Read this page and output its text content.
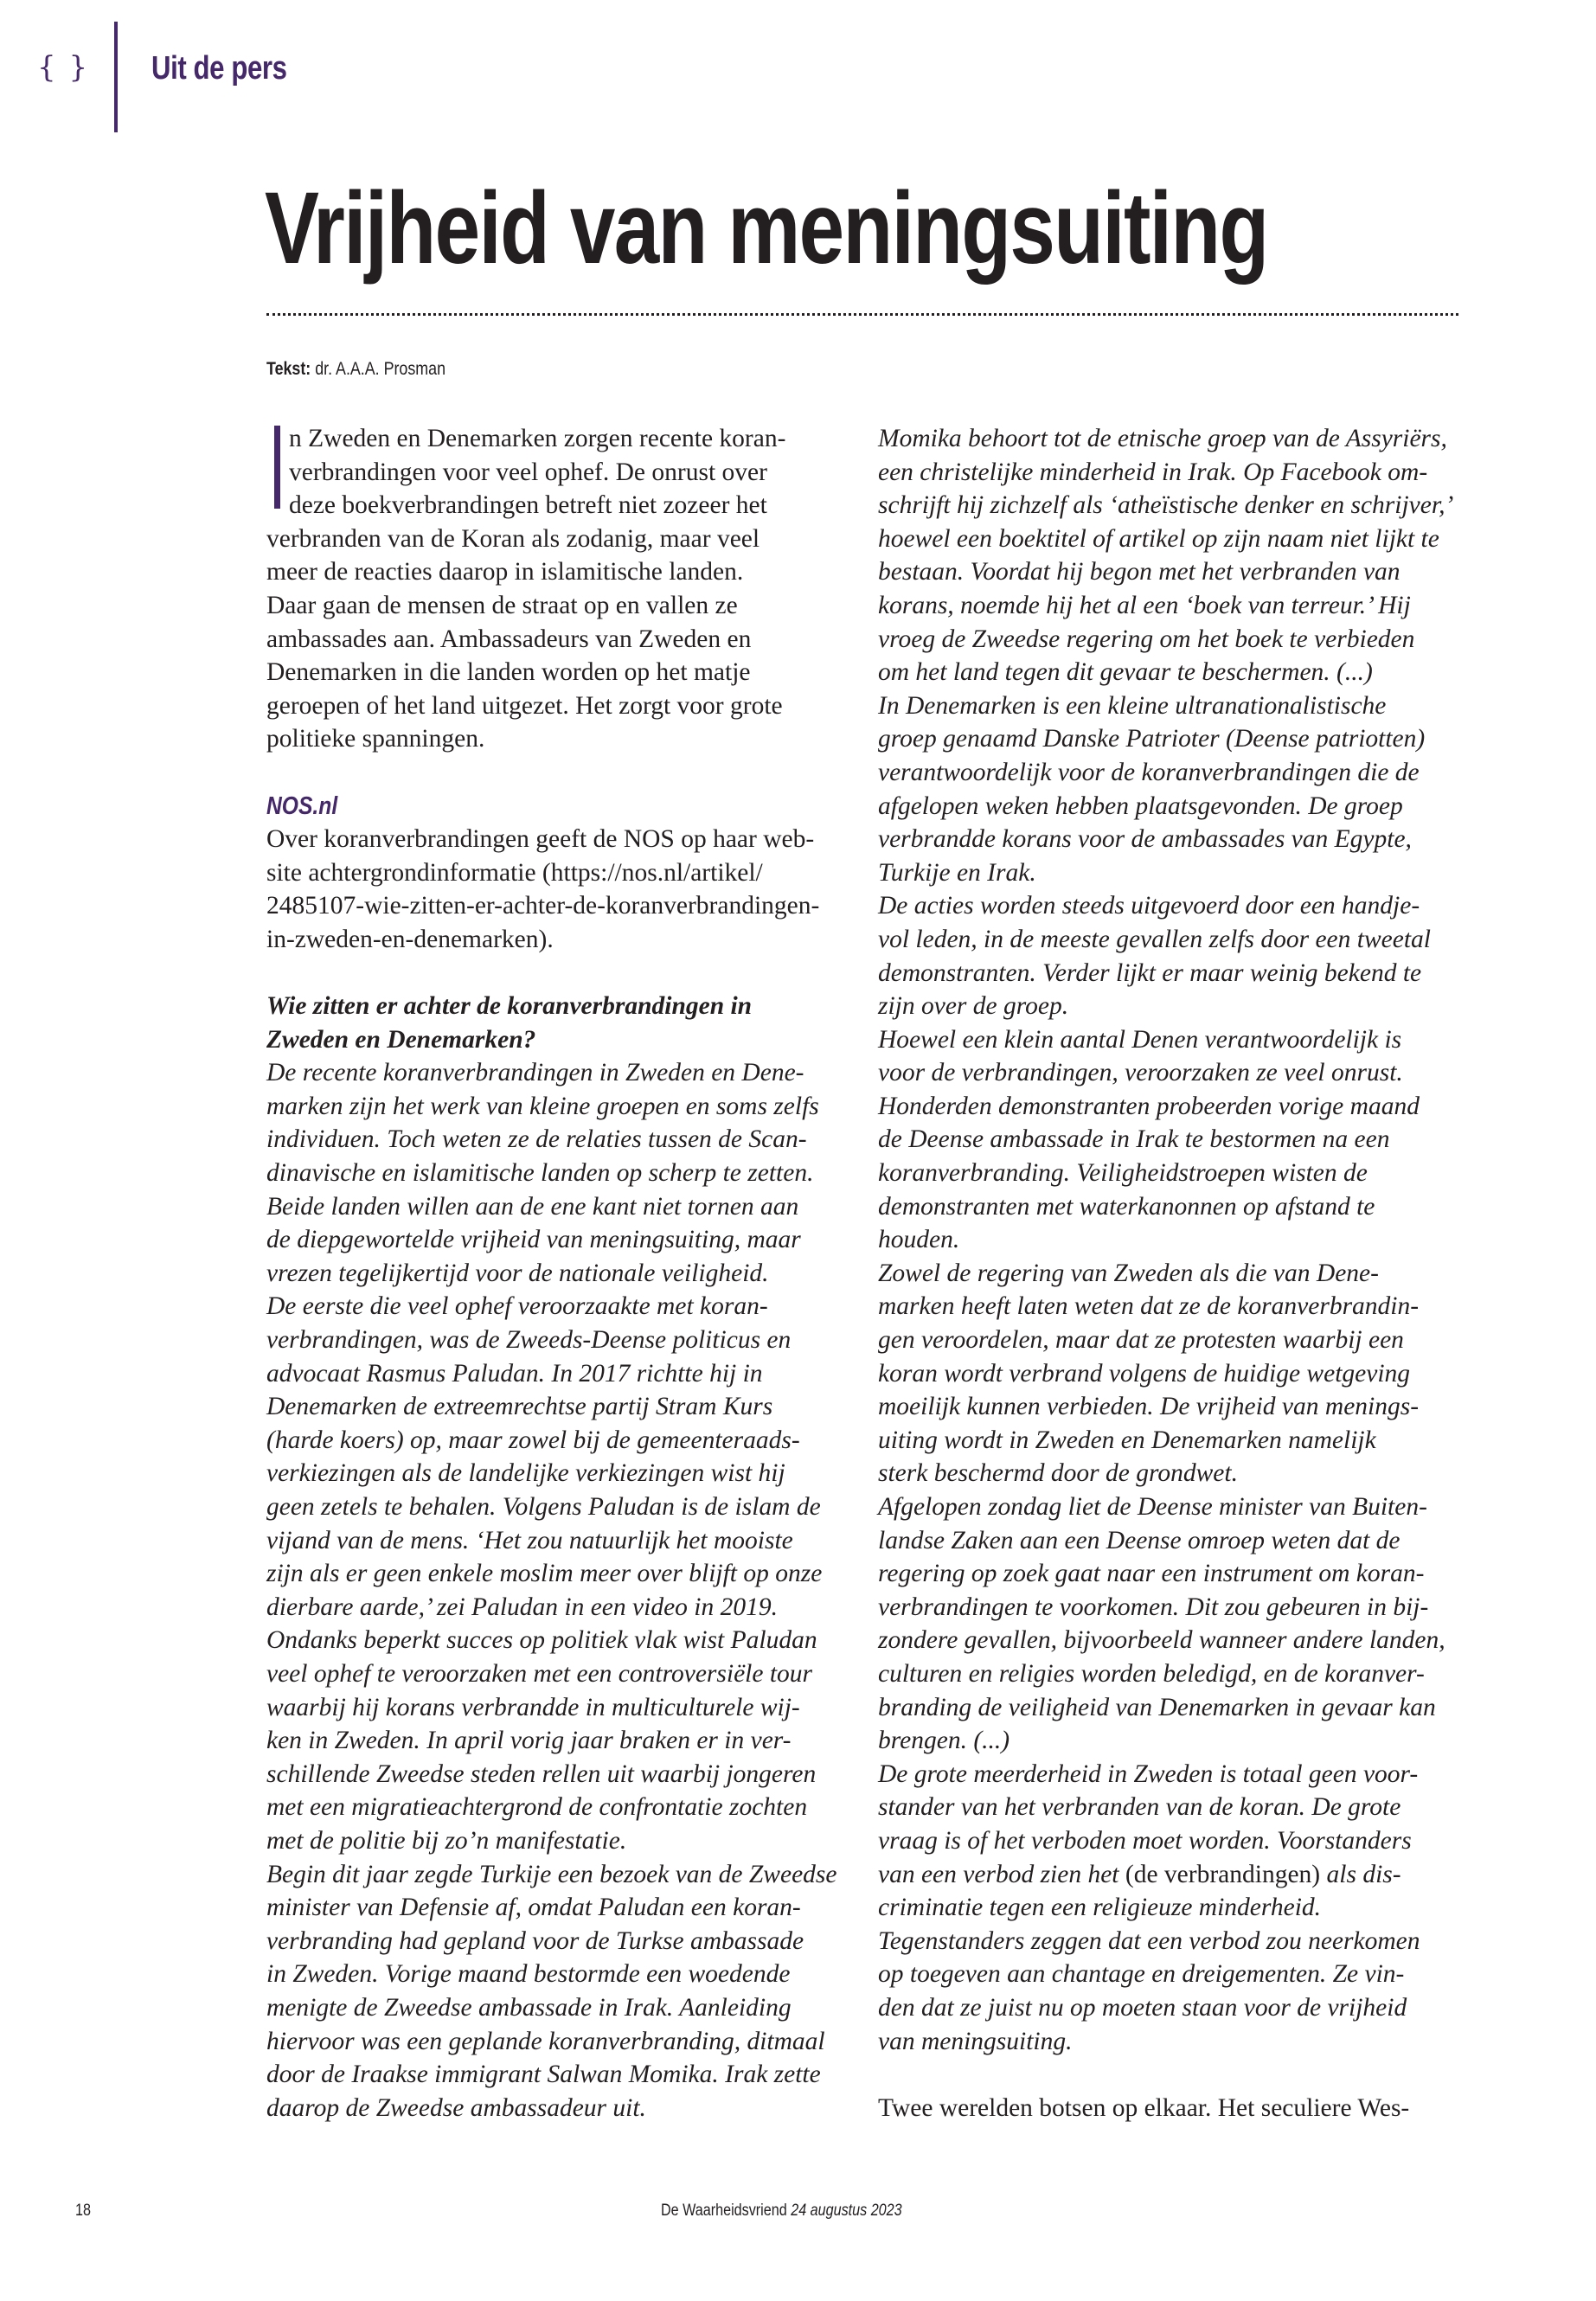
{ } Uit de pers
Vrijheid van meningsuiting
Tekst: dr. A.A.A. Prosman
n Zweden en Denemarken zorgen recente koran-
verbrandingen voor veel ophef. De onrust over
deze boekverbrandingen betreft niet zozeer het
verbranden van de Koran als zodanig, maar veel
meer de reacties daarop in islamitische landen.
Daar gaan de mensen de straat op en vallen ze
ambassades aan. Ambassadeurs van Zweden en
Denemarken in die landen worden op het matje
geroepen of het land uitgezet. Het zorgt voor grote
politieke spanningen.
NOS.nl
Over koranverbrandingen geeft de NOS op haar web-
site achtergrondinformatie (https://nos.nl/artikel/
2485107-wie-zitten-er-achter-de-koranverbrandingen-
in-zweden-en-denemarken).
Wie zitten er achter de koranverbrandingen in
Zweden en Denemarken?
De recente koranverbrandingen in Zweden en Dene-
marken zijn het werk van kleine groepen en soms zelfs
individuen. Toch weten ze de relaties tussen de Scan-
dinavische en islamitische landen op scherp te zetten.
Beide landen willen aan de ene kant niet tornen aan
de diepgewortelde vrijheid van meningsuiting, maar
vrezen tegelijkertijd voor de nationale veiligheid.
De eerste die veel ophef veroorzaakte met koran-
verbrandingen, was de Zweeds-Deense politicus en
advocaat Rasmus Paludan. In 2017 richtte hij in
Denemarken de extreemrechtse partij Stram Kurs
(harde koers) op, maar zowel bij de gemeenteraads-
verkiezingen als de landelijke verkiezingen wist hij
geen zetels te behalen. Volgens Paludan is de islam de
vijand van de mens. ‘Het zou natuurlijk het mooiste
zijn als er geen enkele moslim meer over blijft op onze
dierbare aarde,’ zei Paludan in een video in 2019.
Ondanks beperkt succes op politiek vlak wist Paludan
veel ophef te veroorzaken met een controversiële tour
waarbij hij korans verbrandde in multiculturele wij-
ken in Zweden. In april vorig jaar braken er in ver-
schillende Zweedse steden rellen uit waarbij jongeren
met een migratieachtergrond de confrontatie zochten
met de politie bij zo’n manifestatie.
Begin dit jaar zegde Turkije een bezoek van de Zweedse
minister van Defensie af, omdat Paludan een koran-
verbranding had gepland voor de Turkse ambassade
in Zweden. Vorige maand bestormde een woedende
menigte de Zweedse ambassade in Irak. Aanleiding
hiervoor was een geplande koranverbranding, ditmaal
door de Iraakse immigrant Salwan Momika. Irak zette
daarop de Zweedse ambassadeur uit.
Momika behoort tot de etnische groep van de Assyriërs,
een christelijke minderheid in Irak. Op Facebook om-
schrijft hij zichzelf als ‘atheïstische denker en schrijver,’
hoewel een boektitel of artikel op zijn naam niet lijkt te
bestaan. Voordat hij begon met het verbranden van
korans, noemde hij het al een ‘boek van terreur.’ Hij
vroeg de Zweedse regering om het boek te verbieden
om het land tegen dit gevaar te beschermen. (...)
In Denemarken is een kleine ultranationalistische
groep genaamd Danske Patrioter (Deense patriotten)
verantwoordelijk voor de koranverbrandingen die de
afgelopen weken hebben plaatsgevonden. De groep
verbrandde korans voor de ambassades van Egypte,
Turkije en Irak.
De acties worden steeds uitgevoerd door een handje-
vol leden, in de meeste gevallen zelfs door een tweetal
demonstranten. Verder lijkt er maar weinig bekend te
zijn over de groep.
Hoewel een klein aantal Denen verantwoordelijk is
voor de verbrandingen, veroorzaken ze veel onrust.
Honderden demonstranten probeerden vorige maand
de Deense ambassade in Irak te bestormen na een
koranverbranding. Veiligheidstroepen wisten de
demonstranten met waterkanonnen op afstand te
houden.
Zowel de regering van Zweden als die van Dene-
marken heeft laten weten dat ze de koranverbrandin-
gen veroordelen, maar dat ze protesten waarbij een
koran wordt verbrand volgens de huidige wetgeving
moeilijk kunnen verbieden. De vrijheid van menings-
uiting wordt in Zweden en Denemarken namelijk
sterk beschermd door de grondwet.
Afgelopen zondag liet de Deense minister van Buiten-
landse Zaken aan een Deense omroep weten dat de
regering op zoek gaat naar een instrument om koran-
verbrandingen te voorkomen. Dit zou gebeuren in bij-
zondere gevallen, bijvoorbeeld wanneer andere landen,
culturen en religies worden beledigd, en de koranver-
branding de veiligheid van Denemarken in gevaar kan
brengen. (...)
De grote meerderheid in Zweden is totaal geen voor-
stander van het verbranden van de koran. De grote
vraag is of het verboden moet worden. Voorstanders
van een verbod zien het (de verbrandingen) als dis-
criminatie tegen een religieuze minderheid.
Tegenstanders zeggen dat een verbod zou neerkomen
op toegeven aan chantage en dreigementen. Ze vin-
den dat ze juist nu op moeten staan voor de vrijheid
van meningsuiting.
Twee werelden botsen op elkaar. Het seculiere Wes-
18	De Waarheidsvriend 24 augustus 2023
